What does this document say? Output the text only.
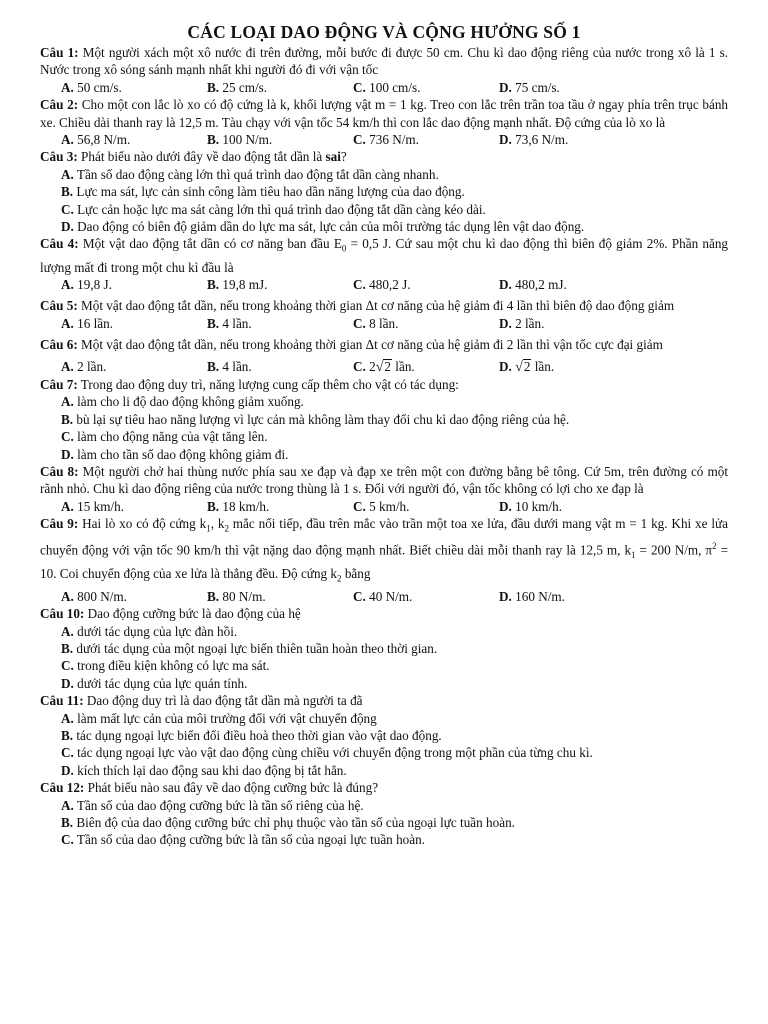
CÁC LOẠI DAO ĐỘNG VÀ CỘNG HƯỞNG SỐ 1

Câu 1: Một người xách một xô nước đi trên đường, mỗi bước đi được 50 cm. Chu kì dao động riêng của nước trong xô là 1 s. Nước trong xô sóng sánh mạnh nhất khi người đó đi với vận tốc

A. 50 cm/s.	B. 25 cm/s.	C. 100 cm/s.	D. 75 cm/s.

Câu 2: Cho một con lắc lò xo có độ cứng là k, khối lượng vật m = 1 kg. Treo con lắc trên trần toa tầu ở ngay phía trên trục bánh xe. Chiều dài thanh ray là 12,5 m. Tàu chạy với vận tốc 54 km/h thì con lắc dao động mạnh nhất. Độ cứng của lò xo là

A. 56,8 N/m.	B. 100 N/m.	C. 736 N/m.	D. 73,6 N/m.

Câu 3: Phát biểu nào dưới đây về dao động tắt dần là sai?

A. Tần số dao động càng lớn thì quá trình dao động tắt dần càng nhanh.
B. Lực ma sát, lực cản sinh công làm tiêu hao dần năng lượng của dao động.
C. Lực cản hoặc lực ma sát càng lớn thì quá trình dao động tắt dần càng kéo dài.
D. Dao động có biên độ giảm dần do lực ma sát, lực cản của môi trường tác dụng lên vật dao động.

Câu 4: Một vật dao động tắt dần có cơ năng ban đầu $E_0 = 0,5$ J. Cứ sau một chu kì dao động thì biên độ giảm 2%. Phần năng lượng mất đi trong một chu kì đầu là

A. 19,8 J.	B. 19,8 mJ.	C. 480,2 J.	D. 480,2 mJ.

Câu 5: Một vật dao động tắt dần, nếu trong khoảng thời gian Δt cơ năng của hệ giảm đi 4 lần thì biên độ dao động giảm

A. 16 lần.	B. 4 lần.	C. 8 lần.	D. 2 lần.

Câu 6: Một vật dao động tắt dần, nếu trong khoảng thời gian Δt cơ năng của hệ giảm đi 2 lần thì vận tốc cực đại giảm

A. 2 lần.	B. 4 lần.	C. 2√2 lần.	D. √2 lần.

Câu 7: Trong dao động duy trì, năng lượng cung cấp thêm cho vật có tác dụng:

A. làm cho li độ dao động không giảm xuống.
B. bù lại sự tiêu hao năng lượng vì lực cản mà không làm thay đổi chu kì dao động riêng của hệ.
C. làm cho động năng của vật tăng lên.
D. làm cho tần số dao động không giảm đi.

Câu 8: Một người chở hai thùng nước phía sau xe đạp và đạp xe trên một con đường bằng bê tông. Cứ 5m, trên đường có một rãnh nhỏ. Chu kì dao động riêng của nước trong thùng là 1 s. Đối với người đó, vận tốc không có lợi cho xe đạp là

A. 15 km/h.	B. 18 km/h.	C. 5 km/h.	D. 10 km/h.

Câu 9: Hai lò xo có độ cứng $k_1$, $k_2$ mắc nối tiếp, đầu trên mắc vào trần một toa xe lửa, đầu dưới mang vật m = 1 kg. Khi xe lửa chuyển động với vận tốc 90 km/h thì vật nặng dao động mạnh nhất. Biết chiều dài mỗi thanh ray là 12,5 m, $k_1 = 200$ N/m, $\pi^2 = 10$. Coi chuyển động của xe lửa là thẳng đều. Độ cứng $k_2$ bằng

A. 800 N/m.	B. 80 N/m.	C. 40 N/m.	D. 160 N/m.

Câu 10: Dao động cưỡng bức là dao động của hệ

A. dưới tác dụng của lực đàn hồi.
B. dưới tác dụng của một ngoại lực biến thiên tuần hoàn theo thời gian.
C. trong điều kiện không có lực ma sát.
D. dưới tác dụng của lực quán tính.

Câu 11: Dao động duy trì là dao động tắt dần mà người ta đã

A. làm mất lực cản của môi trường đối với vật chuyển động
B. tác dụng ngoại lực biến đổi điều hoà theo thời gian vào vật dao động.
C. tác dụng ngoại lực vào vật dao động cùng chiều với chuyển động trong một phần của từng chu kì.
D. kích thích lại dao động sau khi dao động bị tắt hẳn.

Câu 12: Phát biểu nào sau đây về dao động cưỡng bức là đúng?

A. Tần số của dao động cưỡng bức là tần số riêng của hệ.
B. Biên độ của dao động cưỡng bức chỉ phụ thuộc vào tần số của ngoại lực tuần hoàn.
C. Tần số của dao động cưỡng bức là tần số của ngoại lực tuần hoàn.
